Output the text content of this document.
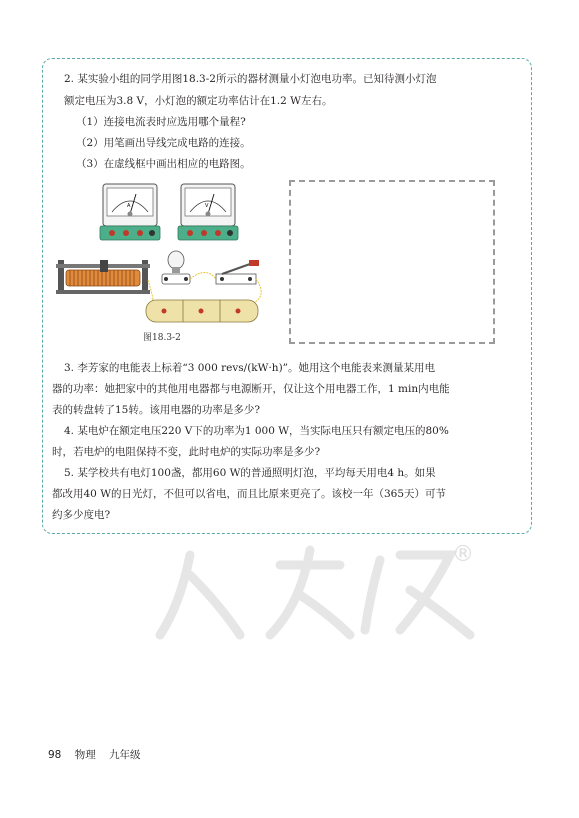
2. 某实验小组的同学用图18.3-2所示的器材测量小灯泡电功率。已知待测小灯泡
额定电压为3.8 V，小灯泡的额定功率估计在1.2 W左右。
（1）连接电流表时应选用哪个量程?
（2）用笔画出导线完成电路的连接。
（3）在虚线框中画出相应的电路图。
A	V
图18.3-2
3. 李芳家的电能表上标着“3 000 revs/(kW·h)”。她用这个电能表来测量某用电
器的功率：她把家中的其他用电器都与电源断开，仅让这个用电器工作，1 min内电能
表的转盘转了15转。该用电器的功率是多少?
4. 某电炉在额定电压220 V下的功率为1 000 W，当实际电压只有额定电压的80%
时，若电炉的电阻保持不变，此时电炉的实际功率是多少?
5. 某学校共有电灯100盏，都用60 W的普通照明灯泡，平均每天用电4 h。如果
都改用40 W的日光灯，不但可以省电，而且比原来更亮了。该校一年（365天）可节
约多少度电?
®
98 物理 九年级
